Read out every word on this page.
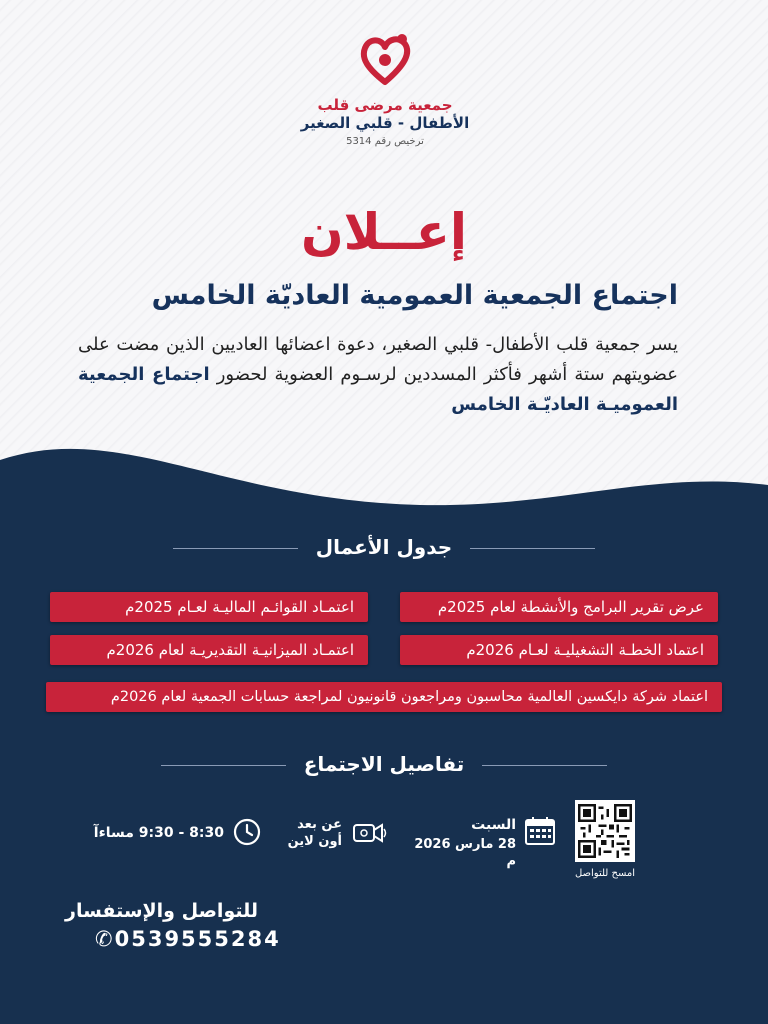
جمعية مرضى قلب
الأطفال - قلبي الصغير
ترخيص رقم 5314
إعــلان
اجتماع الجمعية العمومية العاديّة الخامس
يسر جمعية قلب الأطفال- قلبي الصغير، دعوة اعضائها العاديين الذين مضت على عضويتهم ستة أشهر فأكثر المسددين لرسـوم العضوية لحضور اجتماع الجمعية العموميـة العاديّـة الخامس
جدول الأعمال
عرض تقرير البرامج والأنشطة لعام 2025م
اعتمـاد القوائـم الماليـة لعـام 2025م
اعتماد الخطـة التشغيليـة لعـام 2026م
اعتمـاد الميزانيـة التقديريـة لعام 2026م
اعتماد شركة دايكسين العالمية محاسبون ومراجعون قانونيون لمراجعة حسابات الجمعية لعام 2026م
تفاصيل الاجتماع
امسح للتواصل
السبت
28 مارس 2026 م
عن بعد
أون لاين
8:30 - 9:30 مساءآ
للتواصل والإستفسار
✆0539555284
